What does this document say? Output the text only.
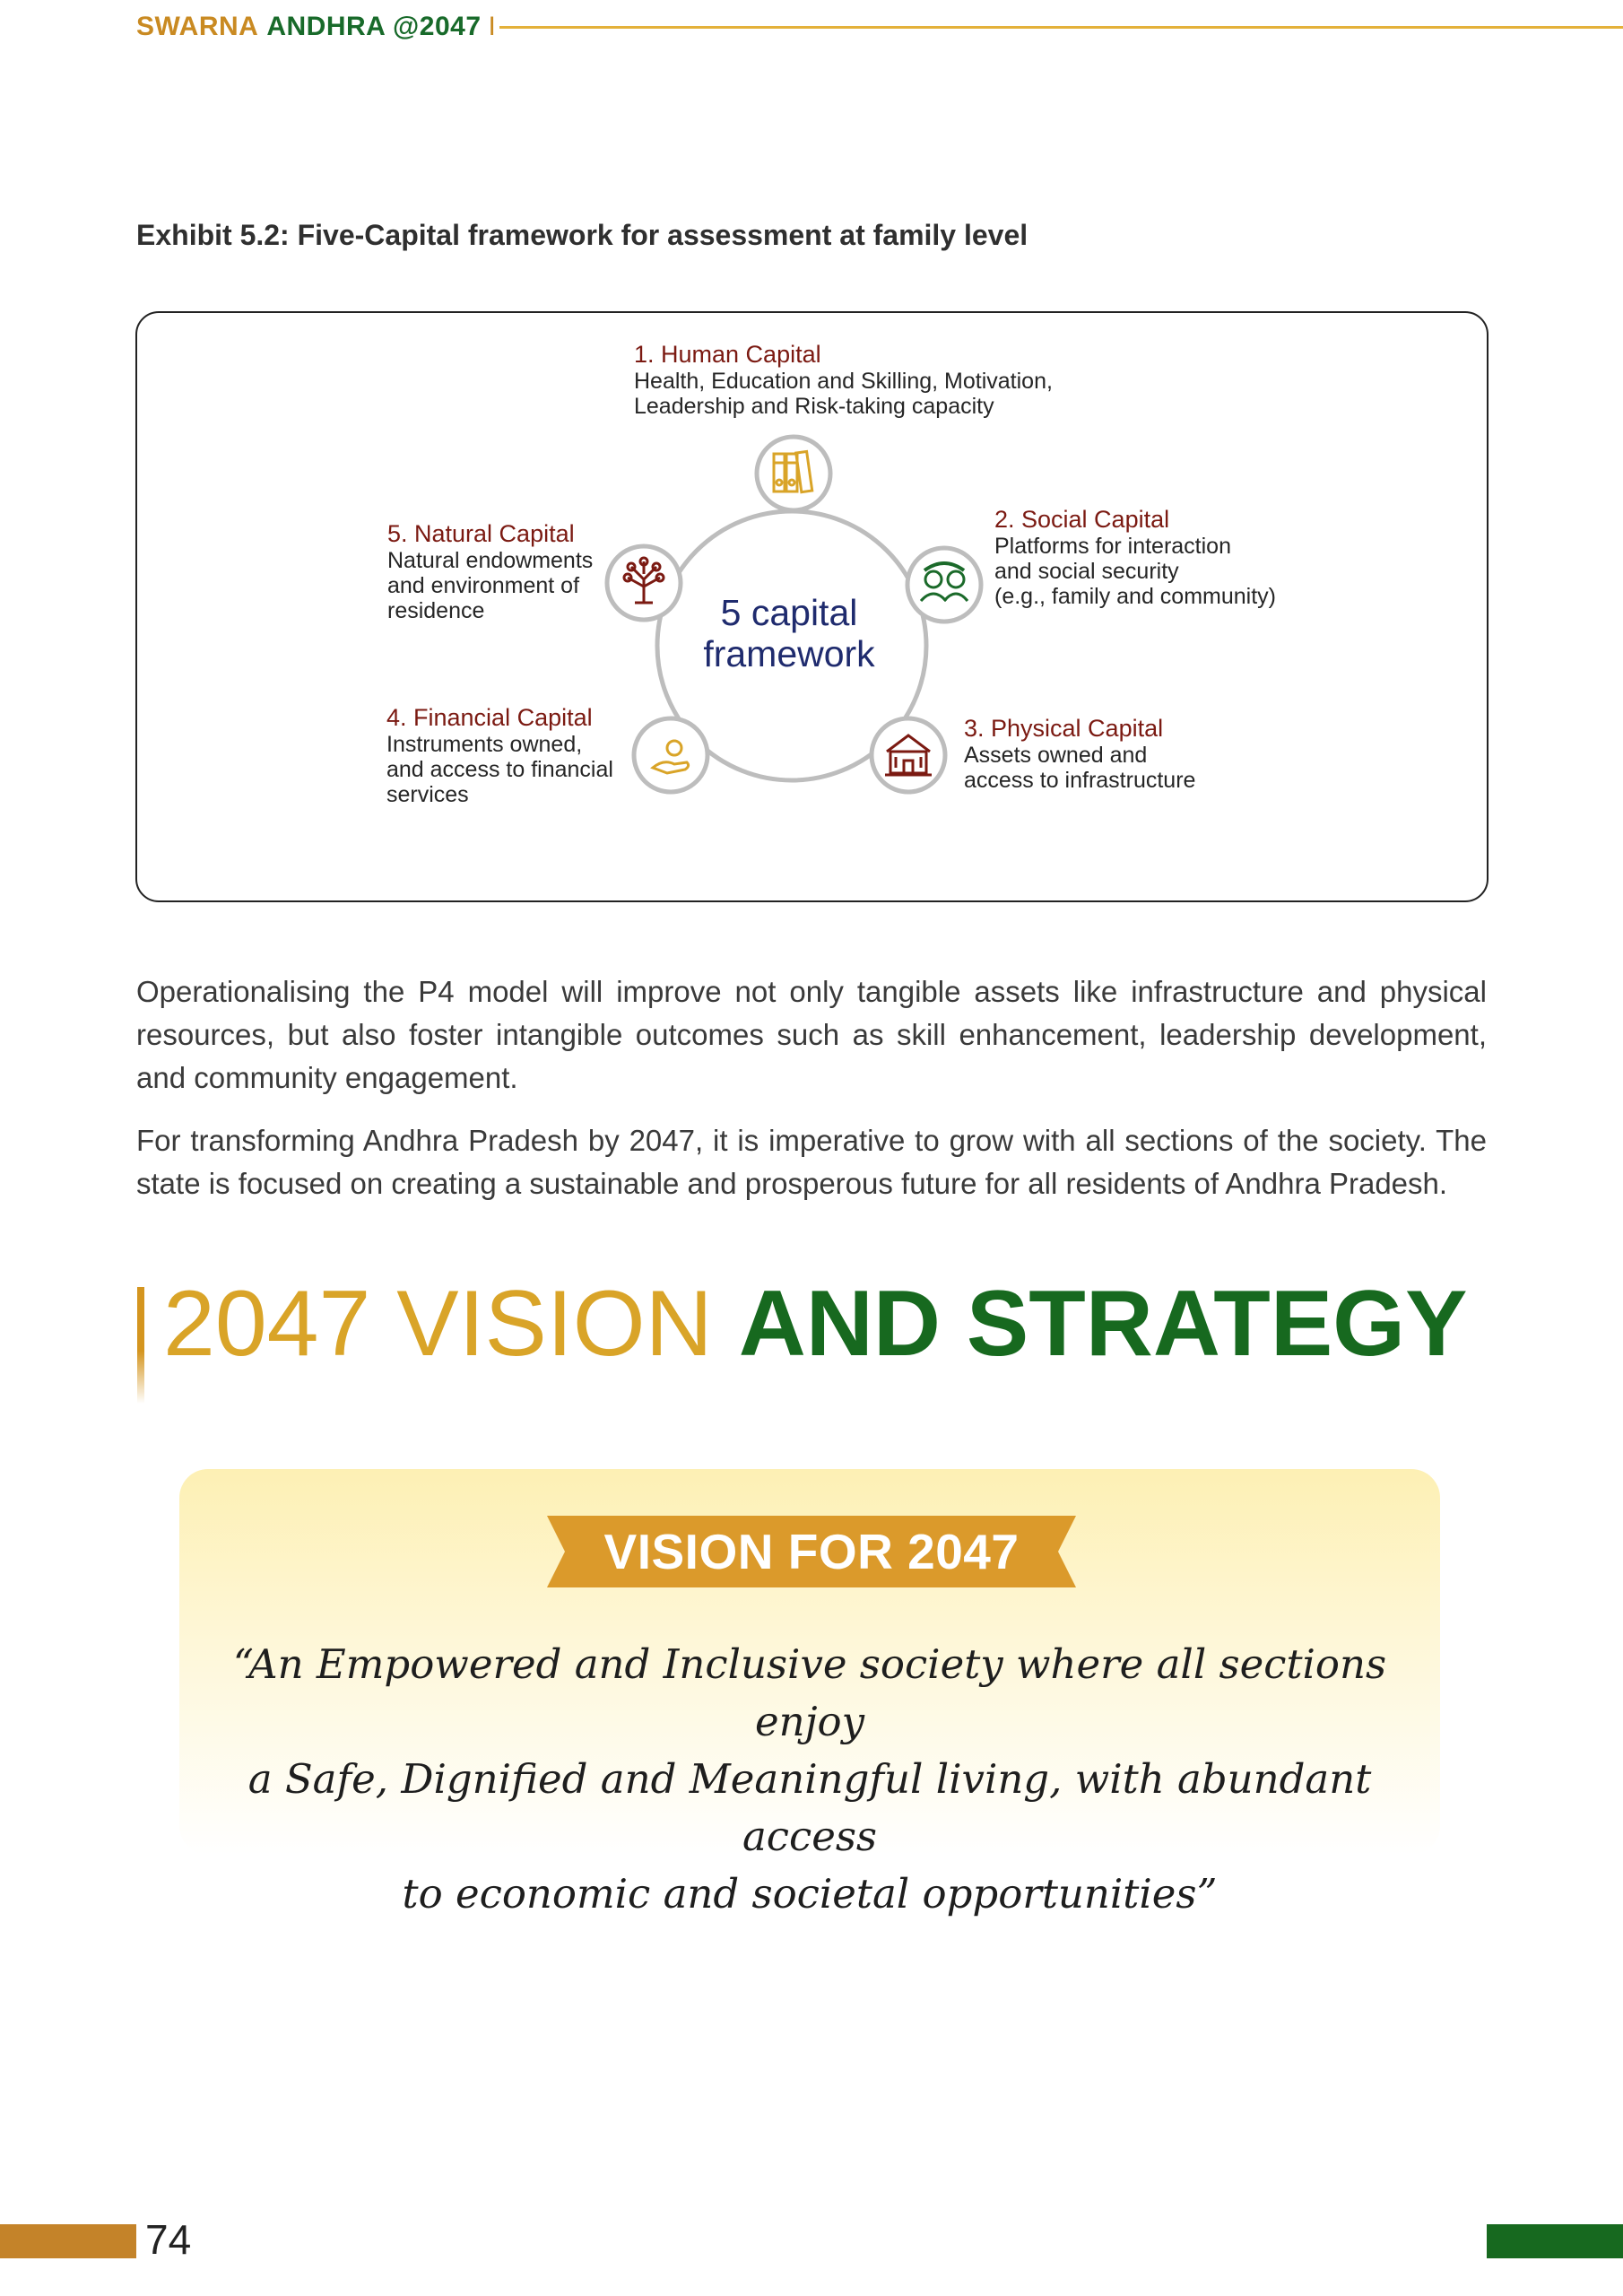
SWARNA ANDHRA @2047 I
Exhibit 5.2: Five-Capital framework for assessment at family level
5 capital
framework
1. Human Capital
Health, Education and Skilling, Motivation,
Leadership and Risk-taking capacity
2. Social Capital
Platforms for interaction
and social security
(e.g., family and community)
3. Physical Capital
Assets owned and
access to infrastructure
4. Financial Capital
Instruments owned,
and access to financial
services
5. Natural Capital
Natural endowments
and environment of
residence

Operationalising the P4 model will improve not only tangible assets like infrastructure and physical resources, but also foster intangible outcomes such as skill enhancement, leadership development, and community engagement.

For transforming Andhra Pradesh by 2047, it is imperative to grow with all sections of the society. The state is focused on creating a sustainable and prosperous future for all residents of Andhra Pradesh.

2047 VISION AND STRATEGY
VISION FOR 2047
“An Empowered and Inclusive society where all sections enjoy
a Safe, Dignified and Meaningful living, with abundant access
to economic and societal opportunities”
74
